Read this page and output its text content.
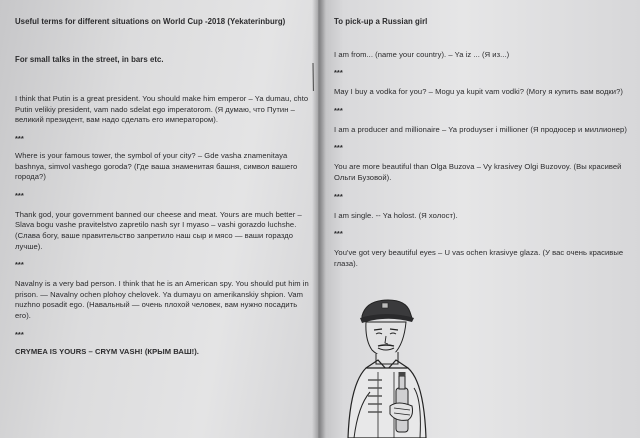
Useful terms for different situations on World Cup -2018 (Yekaterinburg)

For small talks in the street, in bars etc.

I think that Putin is a great president. You should make him emperor – Ya dumau, chto Putin velikiy president, vam nado sdelat ego imperatorom. (Я думаю, что Путин – великий президент, вам надо сделать его императором).

***

Where is your famous tower, the symbol of your city? – Gde vasha znamenitaya bashnya, simvol vashego goroda? (Где ваша знаменитая башня, символ вашего города?)

***

Thank god, your government banned our cheese and meat. Yours are much better – Slava bogu vashe pravitelstvo zapretilo nash syr I myaso – vashi gorazdo luchshe. (Слава богу, ваше правительство запретило наш сыр и мясо — ваши гораздо лучше).

***

Navalny is a very bad person. I think that he is an American spy. You should put him in prison. — Navalny ochen plohoy chelovek. Ya dumayu on amerikanskiy shpion. Vam nuzhno posadit ego. (Навальный — очень плохой человек, вам нужно посадить его).

***

CRYMEA IS YOURS – CRYM VASH! (КРЫМ ВАШ!).

To pick-up a Russian girl

I am from... (name your country). – Ya iz ... (Я из...)

***

May I buy a vodka for you? – Mogu ya kupit vam vodki? (Могу я купить вам водки?)

***

I am a producer and millionaire – Ya produyser i millioner (Я продюсер и миллионер)

***

You are more beautiful than Olga Buzova – Vy krasivey Olgi Buzovoy. (Вы красивей Ольги Бузовой).

***

I am single. -- Ya holost. (Я холост).

***

You've got very beautiful eyes – U vas ochen krasivye glaza. (У вас очень красивые глаза).
